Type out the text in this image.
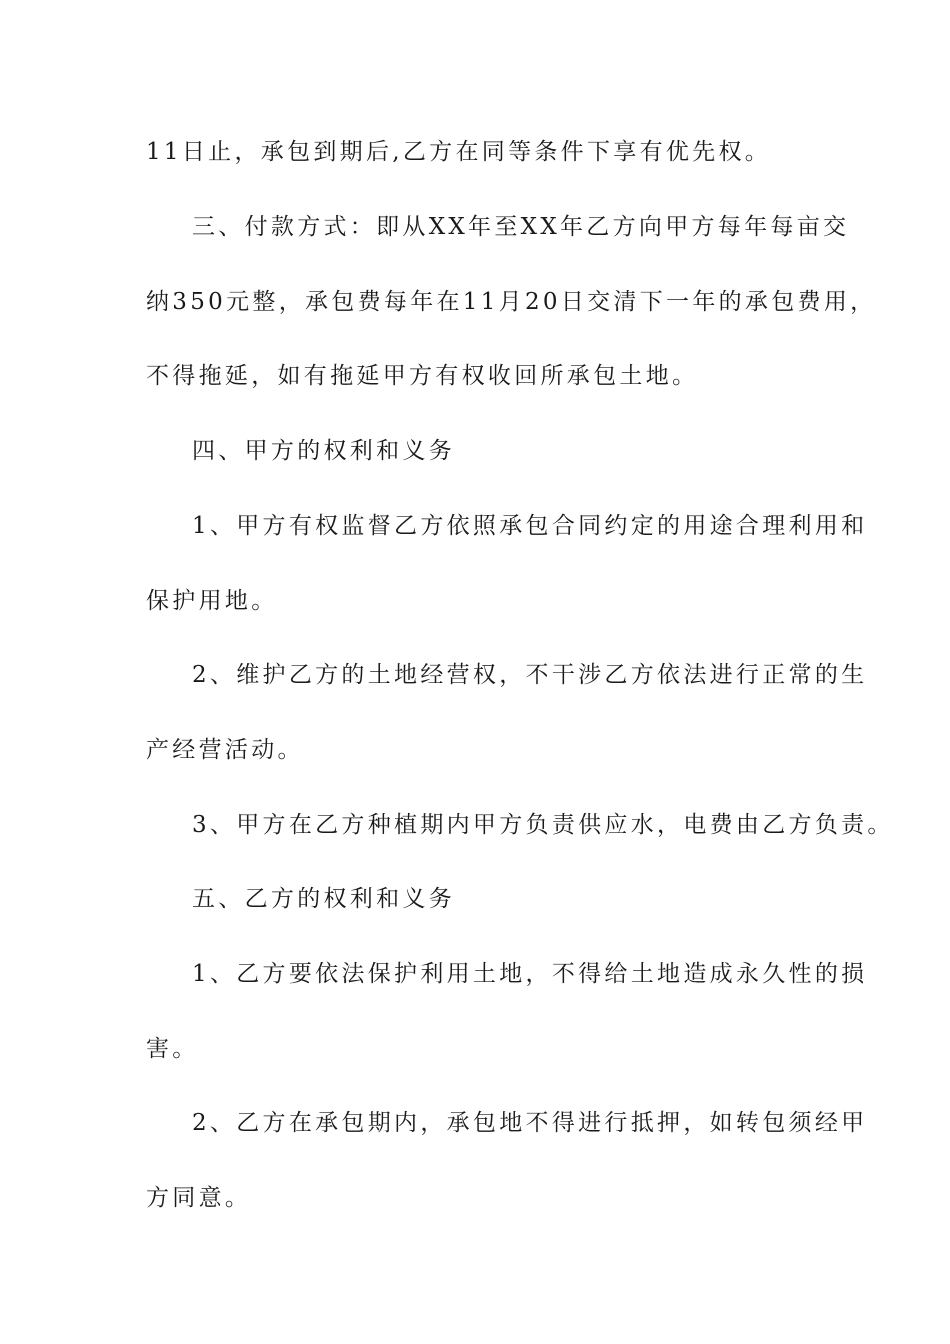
11日止，承包到期后,乙方在同等条件下享有优先权。
三、付款方式：即从XX年至XX年乙方向甲方每年每亩交
纳350元整，承包费每年在11月20日交清下一年的承包费用，
不得拖延，如有拖延甲方有权收回所承包土地。
四、甲方的权利和义务
1、甲方有权监督乙方依照承包合同约定的用途合理利用和
保护用地。
2、维护乙方的土地经营权，不干涉乙方依法进行正常的生
产经营活动。
3、甲方在乙方种植期内甲方负责供应水，电费由乙方负责。
五、乙方的权利和义务
1、乙方要依法保护利用土地，不得给土地造成永久性的损
害。
2、乙方在承包期内，承包地不得进行抵押，如转包须经甲
方同意。
